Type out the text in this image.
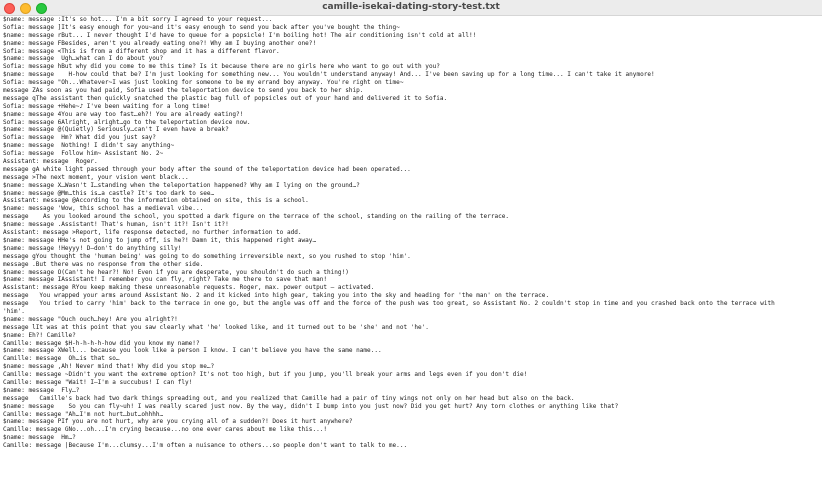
camille-isekai-dating-story-test.txt
$name: message :It's so hot... I'm a bit sorry I agreed to your request...
Sofia: message ]It's easy enough for you~and it's easy enough to send you back after you've bought the thing~
$name: message rBut... I never thought I'd have to queue for a popsicle! I'm boiling hot! The air conditioning isn't cold at all!!
$name: message FBesides, aren't you already eating one?! Why am I buying another one?!
Sofia: message <This is from a different shop and it has a different flavor.
$name: message  Ugh…what can I do about you?
Sofia: message hBut why did you come to me this time? Is it because there are no girls here who want to go out with you?
$name: message    H-how could that be? I'm just looking for something new... You wouldn't understand anyway! And... I've been saving up for a long time... I can't take it anymore!
Sofia: message "Oh...Whatever~I was just looking for someone to be my errand boy anyway. You're right on time~
message ZAs soon as you had paid, Sofia used the teleportation device to send you back to her ship.
message qThe assistant then quickly snatched the plastic bag full of popsicles out of your hand and delivered it to Sofia.
Sofia: message +Hehe~♪ I've been waiting for a long time!
$name: message 4You are way too fast…eh?! You are already eating?!
Sofia: message 6Alright, alright…go to the teleportation device now.
$name: message @(Quietly) Seriously…can't I even have a break?
Sofia: message  Hm? What did you just say?
$name: message  Nothing! I didn't say anything~
Sofia: message  Follow him~ Assistant No. 2~
Assistant: message  Roger.
message gA white light passed through your body after the sound of the teleportation device had been operated...
message >The next moment, your vision went black...
$name: message X…Wasn't I…standing when the teleportation happened? Why am I lying on the ground…?
$name: message @Mm…this is…a castle? It's too dark to see…
Assistant: message @According to the information obtained on site, this is a school.
$name: message 'Wow, this school has a medieval vibe...
message    As you looked around the school, you spotted a dark figure on the terrace of the school, standing on the railing of the terrace.
$name: message .Assistant! That's human, isn't it?! Isn't it?!
Assistant: message >Report, life response detected, no further information to add.
$name: message HHe's not going to jump off, is he?! Damn it, this happened right away…
$name: message !Heyyy! D—don't do anything silly!
message gYou thought the 'human being' was going to do something irreversible next, so you rushed to stop 'him'.
message .But there was no response from the other side.
$name: message O(Can't he hear?! No! Even if you are desperate, you shouldn't do such a thing!)
$name: message IAssistant! I remember you can fly, right? Take me there to save that man!
Assistant: message RYou keep making these unreasonable requests. Roger, max. power output — activated.
message   You wrapped your arms around Assistant No. 2 and it kicked into high gear, taking you into the sky and heading for 'the man' on the terrace.
message   You tried to carry 'him' back to the terrace in one go, but the angle was off and the force of the push was too great, so Assistant No. 2 couldn't stop in time and you crashed back onto the terrace with
'him'.
$name: message "Ouch ouch…hey! Are you alright?!
message lIt was at this point that you saw clearly what 'he' looked like, and it turned out to be 'she' and not 'he'.
$name: Eh?! Camille?
Camille: message $H-h-h-h-h-how did you know my name!?
$name: message XWell... because you look like a person I know. I can't believe you have the same name...
Camille: message  Oh…is that so…
$name: message ,Ah! Never mind that! Why did you stop me…?
Camille: message ~Didn't you want the extreme option? It's not too high, but if you jump, you'll break your arms and legs even if you don't die!
Camille: message "Wait! I—I'm a succubus! I can fly!
$name: message  Fly…?
message   Camille's back had two dark things spreading out, and you realized that Camille had a pair of tiny wings not only on her head but also on the back.
$name: message    So you can fly~uh! I was really scared just now. By the way, didn't I bump into you just now? Did you get hurt? Any torn clothes or anything like that?
Camille: message "Ah…I'm not hurt…but…ohhhh…
$name: message PIf you are not hurt, why are you crying all of a sudden?! Does it hurt anywhere?
Camille: message GNo...oh...I'm crying because...no one ever cares about me like this...!
$name: message  Hm…?
Camille: message |Because I'm...clumsy...I'm often a nuisance to others...so people don't want to talk to me...
